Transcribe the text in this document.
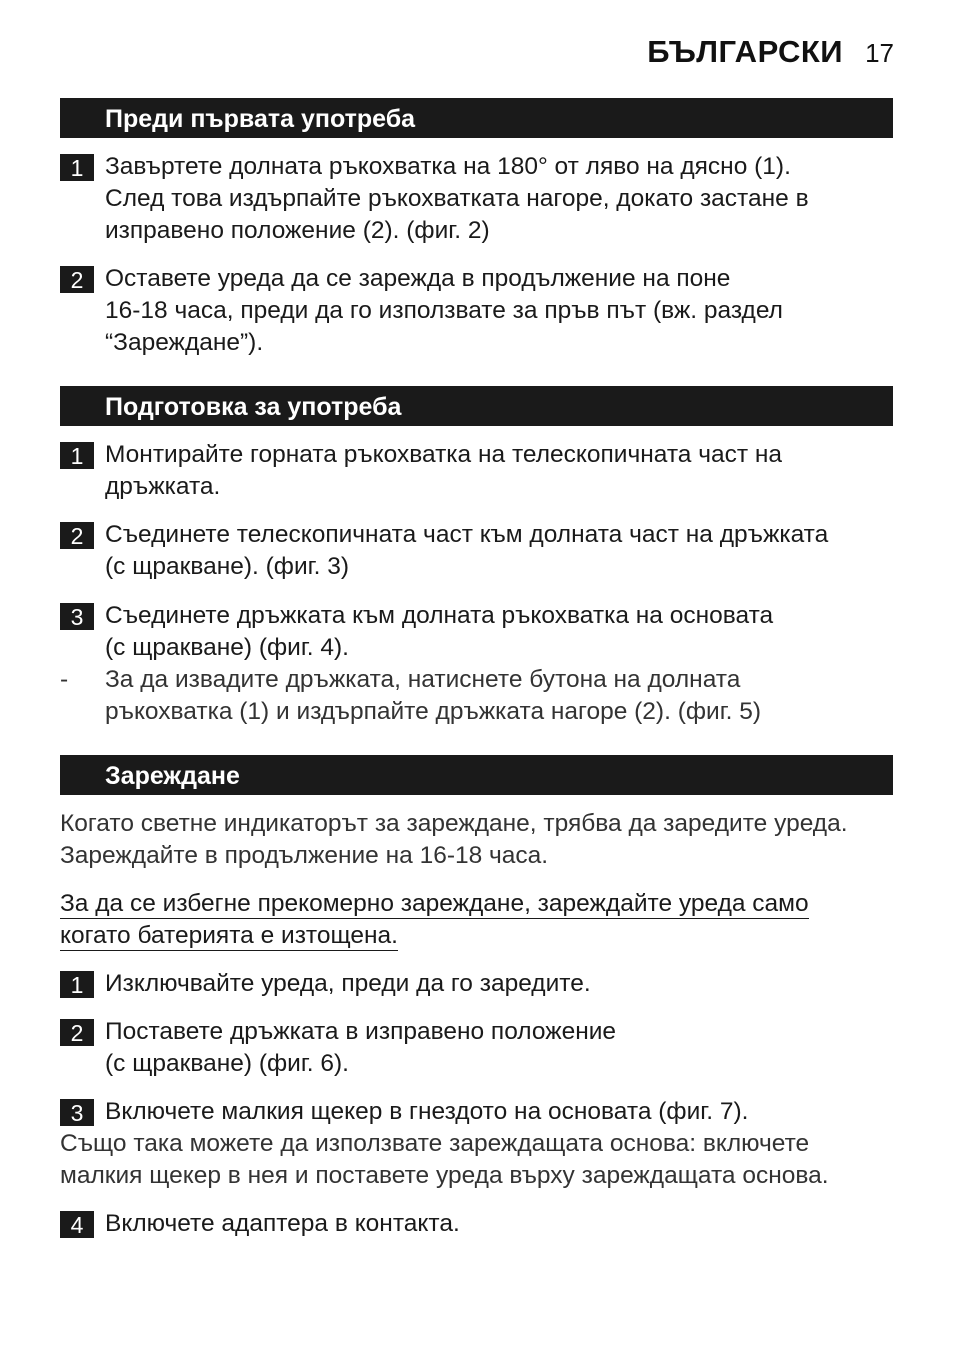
БЪЛГАРСКИ 17
Преди първата употреба
1 Завъртете долната ръкохватка на 180° от ляво на дясно (1).
След това издърпайте ръкохватката нагоре, докато застане в
изправено положение (2). (фиг. 2)
2 Оставете уреда да се зарежда в продължение на поне
16-18 часа, преди да го използвате за пръв път (вж. раздел
“Зареждане”).
Подготовка за употреба
1 Монтирайте горната ръкохватка на телескопичната част на
дръжката.
2 Съединете телескопичната част към долната част на дръжката
(с щракване). (фиг. 3)
3 Съединете дръжката към долната ръкохватка на основата
(с щракване) (фиг. 4).
- За да извадите дръжката, натиснете бутона на долната
ръкохватка (1) и издърпайте дръжката нагоре (2). (фиг. 5)
Зареждане
Когато светне индикаторът за зареждане, трябва да заредите уреда.
Зареждайте в продължение на 16-18 часа.
За да се избегне прекомерно зареждане, зареждайте уреда само
когато батерията е изтощена.
1 Изключвайте уреда, преди да го заредите.
2 Поставете дръжката в изправено положение
(с щракване) (фиг. 6).
3 Включете малкия щекер в гнездото на основата (фиг. 7).
Също така можете да използвате зареждащата основа: включете
малкия щекер в нея и поставете уреда върху зареждащата основа.
4 Включете адаптера в контакта.
